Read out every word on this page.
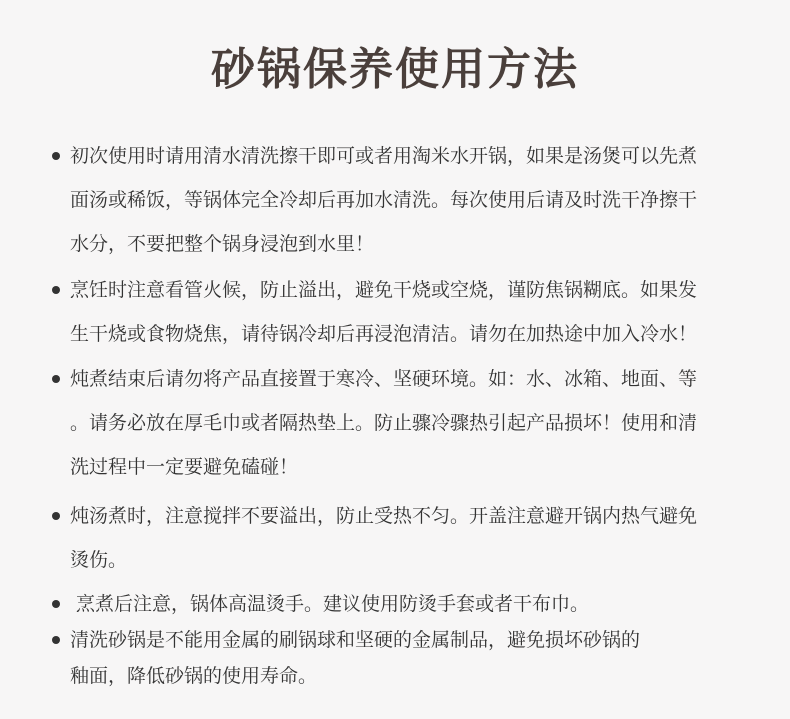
砂锅保养使用方法
初次使用时请用清水清洗擦干即可或者用淘米水开锅，如果是汤煲可以先煮
面汤或稀饭，等锅体完全冷却后再加水清洗。每次使用后请及时洗干净擦干
水分，不要把整个锅身浸泡到水里！
烹饪时注意看管火候，防止溢出，避免干烧或空烧，谨防焦锅糊底。如果发
生干烧或食物烧焦，请待锅冷却后再浸泡清洁。请勿在加热途中加入冷水！
炖煮结束后请勿将产品直接置于寒冷、坚硬环境。如：水、冰箱、地面、等
。请务必放在厚毛巾或者隔热垫上。防止骤冷骤热引起产品损坏！使用和清
洗过程中一定要避免磕碰！
炖汤煮时，注意搅拌不要溢出，防止受热不匀。开盖注意避开锅内热气避免
烫伤。
烹煮后注意，锅体高温烫手。建议使用防烫手套或者干布巾。
清洗砂锅是不能用金属的刷锅球和坚硬的金属制品，避免损坏砂锅的
釉面，降低砂锅的使用寿命。
